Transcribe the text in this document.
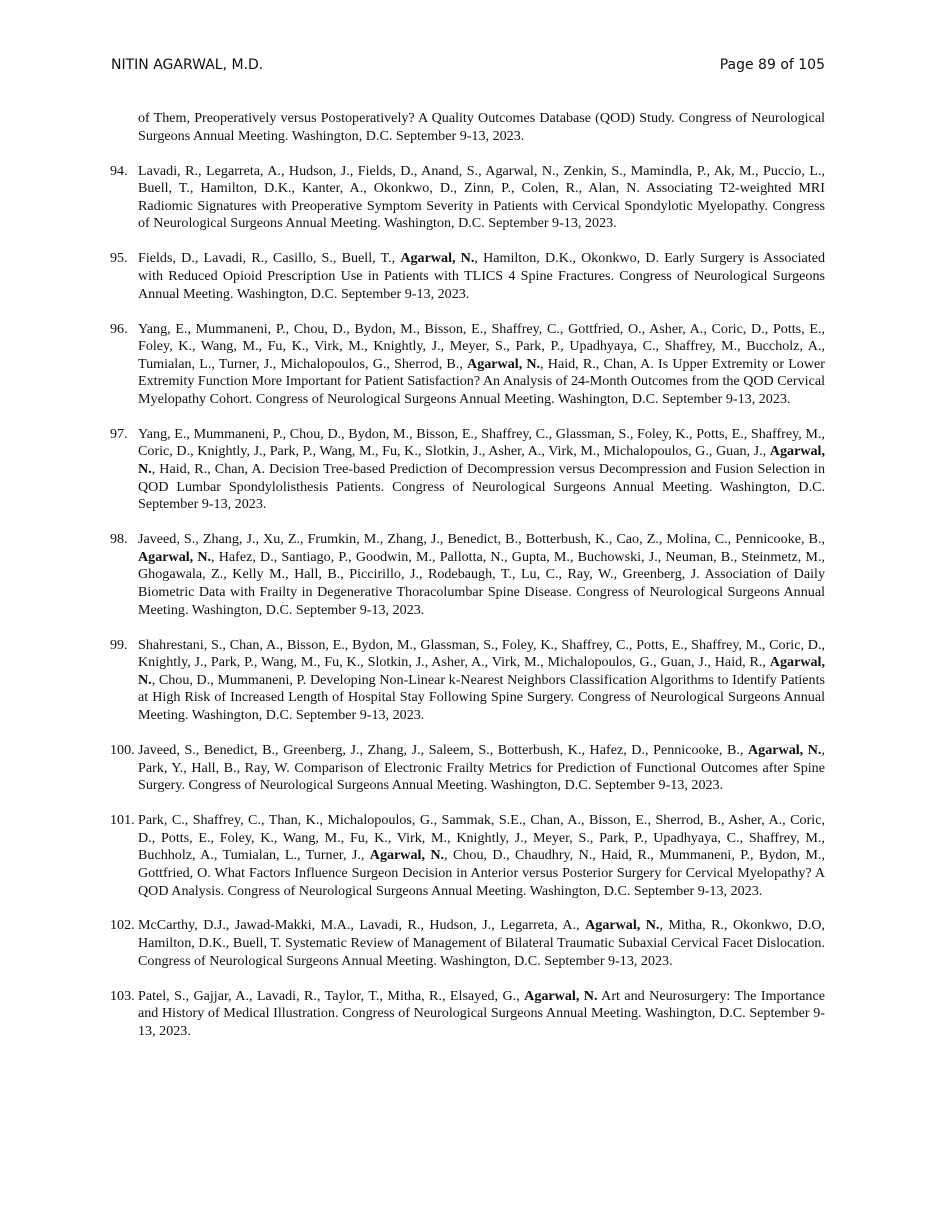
NITIN AGARWAL, M.D.	Page 89 of 105

of Them, Preoperatively versus Postoperatively? A Quality Outcomes Database (QOD) Study. Congress of Neurological Surgeons Annual Meeting. Washington, D.C. September 9-13, 2023.

94. Lavadi, R., Legarreta, A., Hudson, J., Fields, D., Anand, S., Agarwal, N., Zenkin, S., Mamindla, P., Ak, M., Puccio, L., Buell, T., Hamilton, D.K., Kanter, A., Okonkwo, D., Zinn, P., Colen, R., Alan, N. Associating T2-weighted MRI Radiomic Signatures with Preoperative Symptom Severity in Patients with Cervical Spondylotic Myelopathy. Congress of Neurological Surgeons Annual Meeting. Washington, D.C. September 9-13, 2023.

95. Fields, D., Lavadi, R., Casillo, S., Buell, T., Agarwal, N., Hamilton, D.K., Okonkwo, D. Early Surgery is Associated with Reduced Opioid Prescription Use in Patients with TLICS 4 Spine Fractures. Congress of Neurological Surgeons Annual Meeting. Washington, D.C. September 9-13, 2023.

96. Yang, E., Mummaneni, P., Chou, D., Bydon, M., Bisson, E., Shaffrey, C., Gottfried, O., Asher, A., Coric, D., Potts, E., Foley, K., Wang, M., Fu, K., Virk, M., Knightly, J., Meyer, S., Park, P., Upadhyaya, C., Shaffrey, M., Buccholz, A., Tumialan, L., Turner, J., Michalopoulos, G., Sherrod, B., Agarwal, N., Haid, R., Chan, A. Is Upper Extremity or Lower Extremity Function More Important for Patient Satisfaction? An Analysis of 24-Month Outcomes from the QOD Cervical Myelopathy Cohort. Congress of Neurological Surgeons Annual Meeting. Washington, D.C. September 9-13, 2023.

97. Yang, E., Mummaneni, P., Chou, D., Bydon, M., Bisson, E., Shaffrey, C., Glassman, S., Foley, K., Potts, E., Shaffrey, M., Coric, D., Knightly, J., Park, P., Wang, M., Fu, K., Slotkin, J., Asher, A., Virk, M., Michalopoulos, G., Guan, J., Agarwal, N., Haid, R., Chan, A. Decision Tree-based Prediction of Decompression versus Decompression and Fusion Selection in QOD Lumbar Spondylolisthesis Patients. Congress of Neurological Surgeons Annual Meeting. Washington, D.C. September 9-13, 2023.

98. Javeed, S., Zhang, J., Xu, Z., Frumkin, M., Zhang, J., Benedict, B., Botterbush, K., Cao, Z., Molina, C., Pennicooke, B., Agarwal, N., Hafez, D., Santiago, P., Goodwin, M., Pallotta, N., Gupta, M., Buchowski, J., Neuman, B., Steinmetz, M., Ghogawala, Z., Kelly M., Hall, B., Piccirillo, J., Rodebaugh, T., Lu, C., Ray, W., Greenberg, J. Association of Daily Biometric Data with Frailty in Degenerative Thoracolumbar Spine Disease. Congress of Neurological Surgeons Annual Meeting. Washington, D.C. September 9-13, 2023.

99. Shahrestani, S., Chan, A., Bisson, E., Bydon, M., Glassman, S., Foley, K., Shaffrey, C., Potts, E., Shaffrey, M., Coric, D., Knightly, J., Park, P., Wang, M., Fu, K., Slotkin, J., Asher, A., Virk, M., Michalopoulos, G., Guan, J., Haid, R., Agarwal, N., Chou, D., Mummaneni, P. Developing Non-Linear k-Nearest Neighbors Classification Algorithms to Identify Patients at High Risk of Increased Length of Hospital Stay Following Spine Surgery. Congress of Neurological Surgeons Annual Meeting. Washington, D.C. September 9-13, 2023.

100. Javeed, S., Benedict, B., Greenberg, J., Zhang, J., Saleem, S., Botterbush, K., Hafez, D., Pennicooke, B., Agarwal, N., Park, Y., Hall, B., Ray, W. Comparison of Electronic Frailty Metrics for Prediction of Functional Outcomes after Spine Surgery. Congress of Neurological Surgeons Annual Meeting. Washington, D.C. September 9-13, 2023.

101. Park, C., Shaffrey, C., Than, K., Michalopoulos, G., Sammak, S.E., Chan, A., Bisson, E., Sherrod, B., Asher, A., Coric, D., Potts, E., Foley, K., Wang, M., Fu, K., Virk, M., Knightly, J., Meyer, S., Park, P., Upadhyaya, C., Shaffrey, M., Buchholz, A., Tumialan, L., Turner, J., Agarwal, N., Chou, D., Chaudhry, N., Haid, R., Mummaneni, P., Bydon, M., Gottfried, O. What Factors Influence Surgeon Decision in Anterior versus Posterior Surgery for Cervical Myelopathy? A QOD Analysis. Congress of Neurological Surgeons Annual Meeting. Washington, D.C. September 9-13, 2023.

102. McCarthy, D.J., Jawad-Makki, M.A., Lavadi, R., Hudson, J., Legarreta, A., Agarwal, N., Mitha, R., Okonkwo, D.O, Hamilton, D.K., Buell, T. Systematic Review of Management of Bilateral Traumatic Subaxial Cervical Facet Dislocation. Congress of Neurological Surgeons Annual Meeting. Washington, D.C. September 9-13, 2023.

103. Patel, S., Gajjar, A., Lavadi, R., Taylor, T., Mitha, R., Elsayed, G., Agarwal, N. Art and Neurosurgery: The Importance and History of Medical Illustration. Congress of Neurological Surgeons Annual Meeting. Washington, D.C. September 9-13, 2023.
